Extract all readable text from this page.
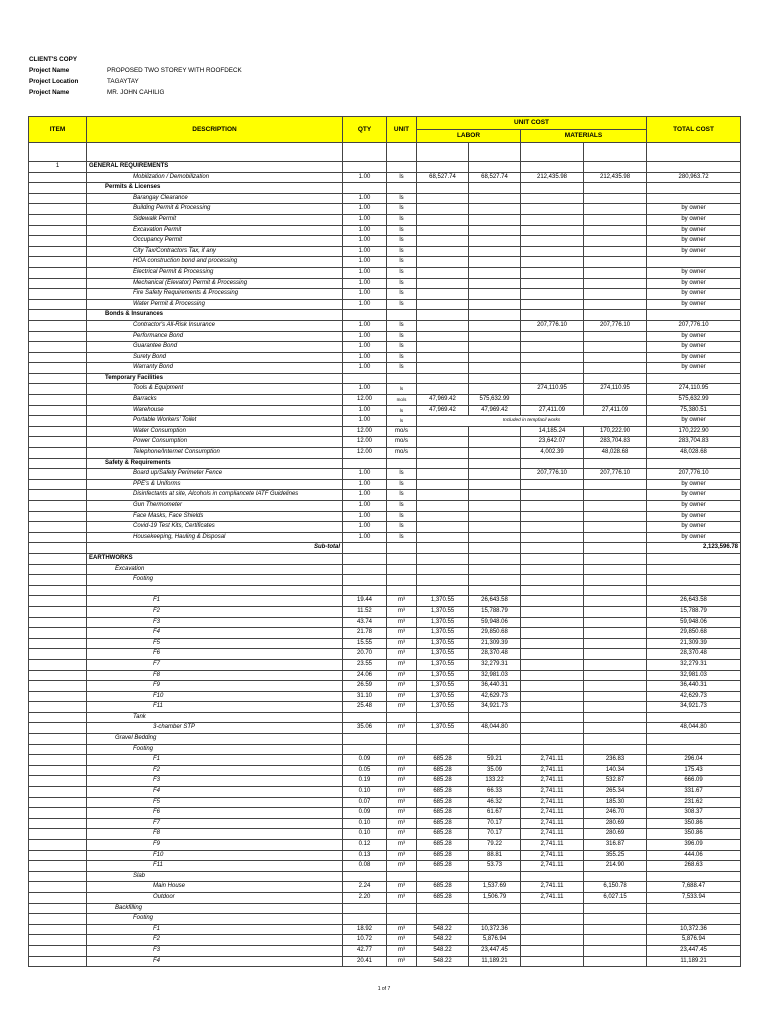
CLIENT'S COPY
Project Name	PROPOSED TWO STOREY WITH ROOFDECK
Project Location	TAGAYTAY
Project Name	MR. JOHN CAHILIG
ITEM	DESCRIPTION	QTY	UNIT	UNIT COST				TOTAL COST
				LABOR		MATERIALS		

1	GENERAL REQUIREMENTS							
	Mobilization / Demobilization	1.00	ls	68,527.74	68,527.74	212,435.98	212,435.98	280,963.72
	Permits & Licenses							
	Barangay Clearance	1.00	ls					
	Building Permit & Processing	1.00	ls					by owner
	Sidewalk Permit	1.00	ls					by owner
	Excavation Permit	1.00	ls					by owner
	Occupancy Permit	1.00	ls					by owner
	City Tax/Contractors Tax, if any	1.00	ls					by owner
	HOA construction bond and processing	1.00	ls					
	Electrical Permit & Processing	1.00	ls					by owner
	Mechanical (Elevator) Permit & Processing	1.00	ls					by owner
	Fire Safety Requirements & Processing	1.00	ls					by owner
	Water Permit & Processing	1.00	ls					by owner
	Bonds & Insurances							
	Contractor's All-Risk Insurance	1.00	ls			207,776.10	207,776.10	207,776.10
	Performance Bond	1.00	ls					by owner
	Guarantee Bond	1.00	ls					by owner
	Surety Bond	1.00	ls					by owner
	Warranty Bond	1.00	ls					by owner
	Temporary Facilities							
	Tools & Equipment	1.00	ls			274,110.95	274,110.95	274,110.95
	Barracks	12.00	mo/s	47,969.42	575,632.99			575,632.99
	Warehouse	1.00	ls	47,969.42	47,969.42	27,411.09	27,411.09	75,380.51
	Portable Workers' Toilet	1.00	ls	Included in tempfacil works				by owner
	Water Consumption	12.00	mo/s			14,185.24	170,222.90	170,222.90
	Power Consumption	12.00	mo/s			23,642.07	283,704.83	283,704.83
	Telephone/Internet Consumption	12.00	mo/s			4,002.39	48,028.68	48,028.68
	Safety & Requirements							
	Board up/Safety Perimeter Fence	1.00	ls			207,776.10	207,776.10	207,776.10
	PPE's & Uniforms	1.00	ls					by owner
	Disinfectants at site, Alcohols in compliancete IATF Guidelines	1.00	ls					by owner
	Gun Thermometer	1.00	ls					by owner
	Face Masks, Face Shields	1.00	ls					by owner
	Covid-19 Test Kits, Certificates	1.00	ls					by owner
	Housekeeping, Hauling & Disposal	1.00	ls					by owner
	Sub-total							2,123,596.78
	EARTHWORKS							
	Excavation							
	Footing							

	F1	19.44	m³	1,370.55	26,643.58			26,643.58
	F2	11.52	m³	1,370.55	15,788.79			15,788.79
	F3	43.74	m³	1,370.55	59,948.06			59,948.06
	F4	21.78	m³	1,370.55	29,850.68			29,850.68
	F5	15.55	m³	1,370.55	21,309.39			21,309.39
	F6	20.70	m³	1,370.55	28,370.48			28,370.48
	F7	23.55	m³	1,370.55	32,279.31			32,279.31
	F8	24.06	m³	1,370.55	32,981.03			32,981.03
	F9	26.59	m³	1,370.55	36,440.31			36,440.31
	F10	31.10	m³	1,370.55	42,629.73			42,629.73
	F11	25.48	m³	1,370.55	34,921.73			34,921.73
	Tank							
	3-chamber STP	35.06	m³	1,370.55	48,044.80			48,044.80
	Gravel Bedding							
	Footing							
	F1	0.09	m³	685.28	59.21	2,741.11	236.83	296.04
	F2	0.05	m³	685.28	35.09	2,741.11	140.34	175.43
	F3	0.19	m³	685.28	133.22	2,741.11	532.87	666.09
	F4	0.10	m³	685.28	66.33	2,741.11	265.34	331.67
	F5	0.07	m³	685.28	46.32	2,741.11	185.30	231.62
	F6	0.09	m³	685.28	61.67	2,741.11	246.70	308.37
	F7	0.10	m³	685.28	70.17	2,741.11	280.69	350.86
	F8	0.10	m³	685.28	70.17	2,741.11	280.69	350.86
	F9	0.12	m³	685.28	79.22	2,741.11	316.87	396.09
	F10	0.13	m³	685.28	88.81	2,741.11	355.25	444.06
	F11	0.08	m³	685.28	53.73	2,741.11	214.90	268.63
	Slab							
	Main House	2.24	m³	685.28	1,537.69	2,741.11	6,150.78	7,688.47
	Outdoor	2.20	m³	685.28	1,506.79	2,741.11	6,027.15	7,533.94
	Backfilling							
	Footing							
	F1	18.92	m³	548.22	10,372.36			10,372.36
	F2	10.72	m³	548.22	5,876.94			5,876.94
	F3	42.77	m³	548.22	23,447.45			23,447.45
	F4	20.41	m³	548.22	11,189.21			11,189.21
1 of 7
